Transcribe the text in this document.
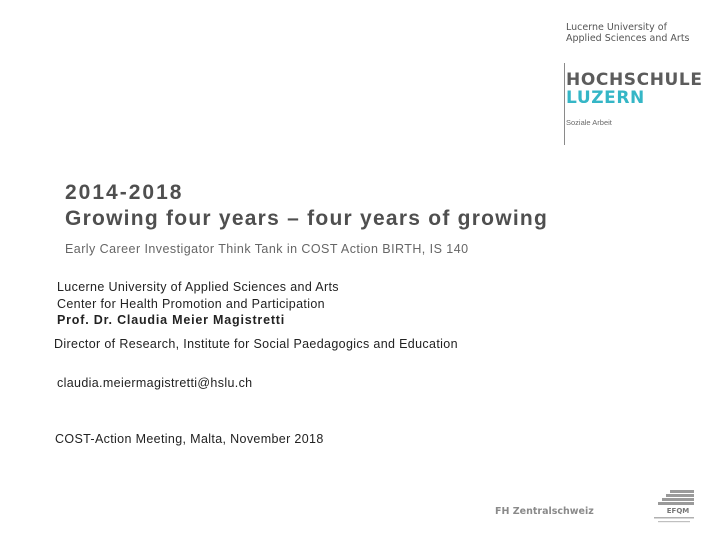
Lucerne University of
Applied Sciences and Arts
HOCHSCHULE
LUZERN
Soziale Arbeit
2014-2018
Growing four years – four years of growing
Early Career Investigator Think Tank in COST Action BIRTH, IS 140
Lucerne University of Applied Sciences and Arts
Center for Health Promotion and Participation
Prof. Dr. Claudia Meier Magistretti
Director of Research, Institute for Social Paedagogics and Education
claudia.meiermagistretti@hslu.ch
COST-Action Meeting, Malta, November 2018
FH Zentralschweiz	EFQM
